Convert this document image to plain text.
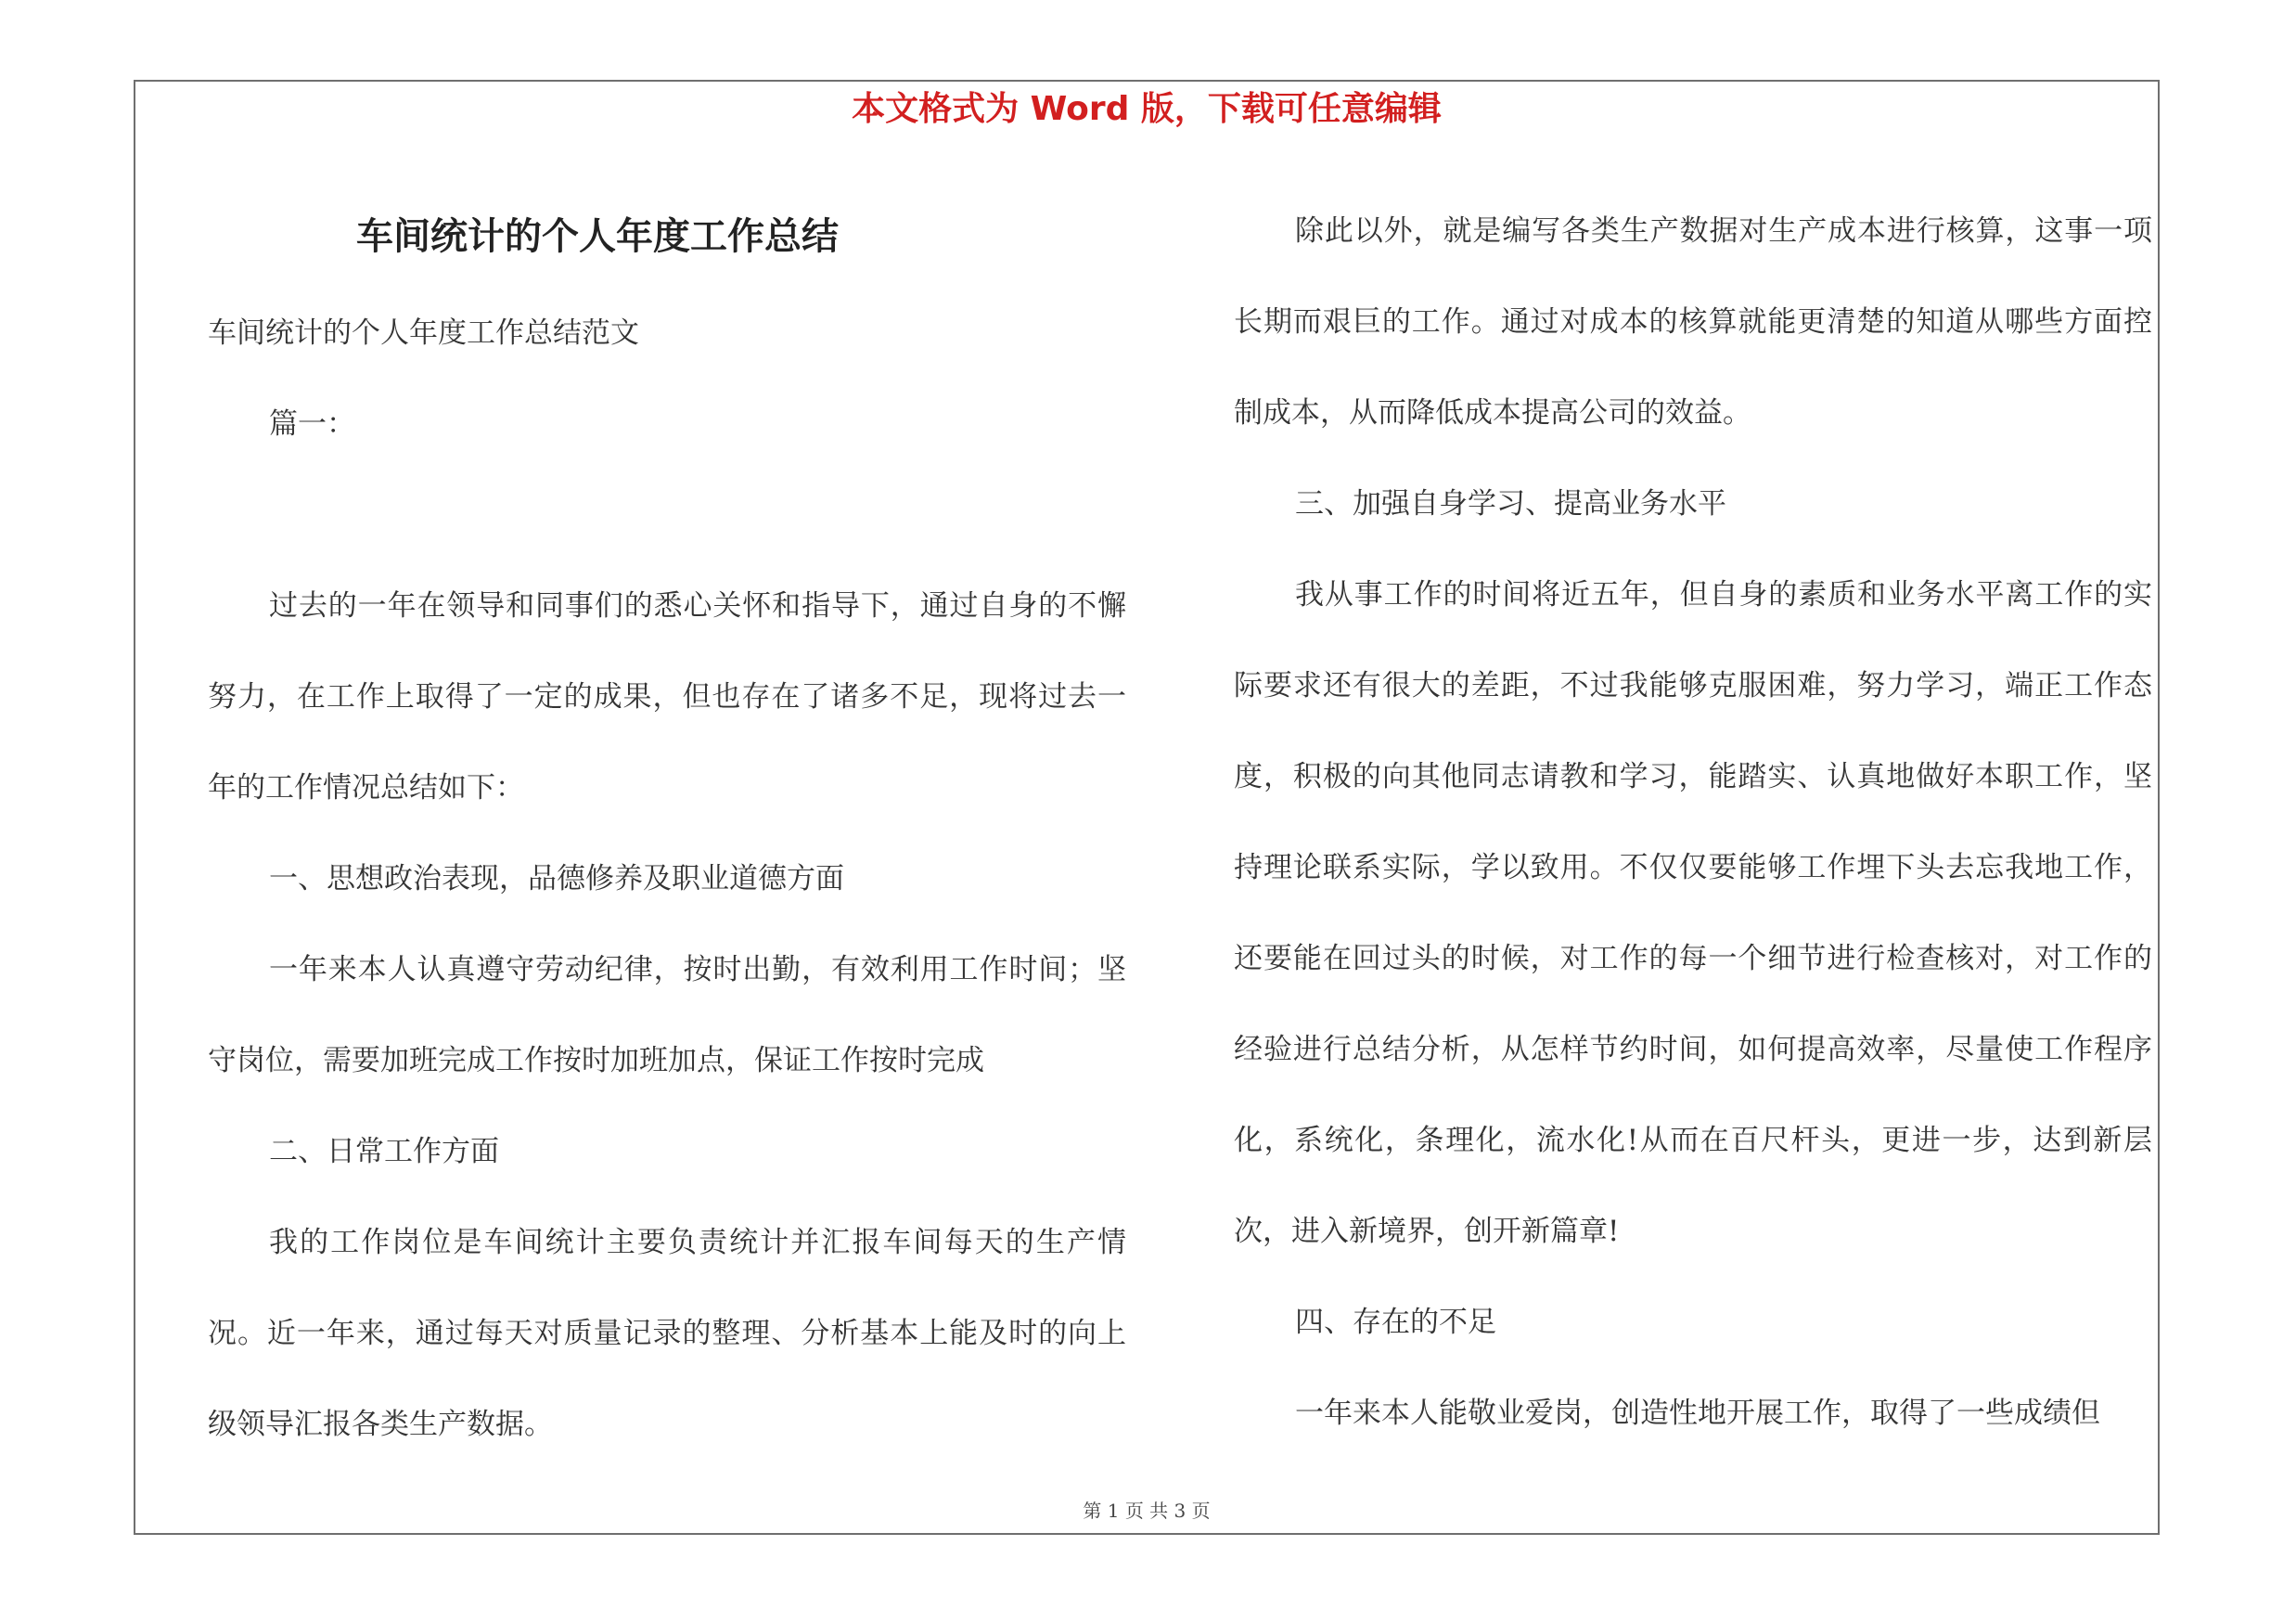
本文格式为 Word 版，下载可任意编辑

车间统计的个人年度工作总结

车间统计的个人年度工作总结范文

篇一：

过去的一年在领导和同事们的悉心关怀和指导下，通过自身的不懈努力，在工作上取得了一定的成果，但也存在了诸多不足，现将过去一年的工作情况总结如下：

一、思想政治表现，品德修养及职业道德方面

一年来本人认真遵守劳动纪律，按时出勤，有效利用工作时间；坚守岗位，需要加班完成工作按时加班加点，保证工作按时完成

二、日常工作方面

我的工作岗位是车间统计主要负责统计并汇报车间每天的生产情况。近一年来，通过每天对质量记录的整理、分析基本上能及时的向上级领导汇报各类生产数据。

除此以外，就是编写各类生产数据对生产成本进行核算，这事一项长期而艰巨的工作。通过对成本的核算就能更清楚的知道从哪些方面控制成本，从而降低成本提高公司的效益。

三、加强自身学习、提高业务水平

我从事工作的时间将近五年，但自身的素质和业务水平离工作的实际要求还有很大的差距，不过我能够克服困难，努力学习，端正工作态度，积极的向其他同志请教和学习，能踏实、认真地做好本职工作，坚持理论联系实际，学以致用。不仅仅要能够工作埋下头去忘我地工作，还要能在回过头的时候，对工作的每一个细节进行检查核对，对工作的经验进行总结分析，从怎样节约时间，如何提高效率，尽量使工作程序化，系统化，条理化，流水化!从而在百尺杆头，更进一步，达到新层次，进入新境界，创开新篇章!

四、存在的不足

一年来本人能敬业爱岗，创造性地开展工作，取得了一些成绩但

第 1 页 共 3 页
